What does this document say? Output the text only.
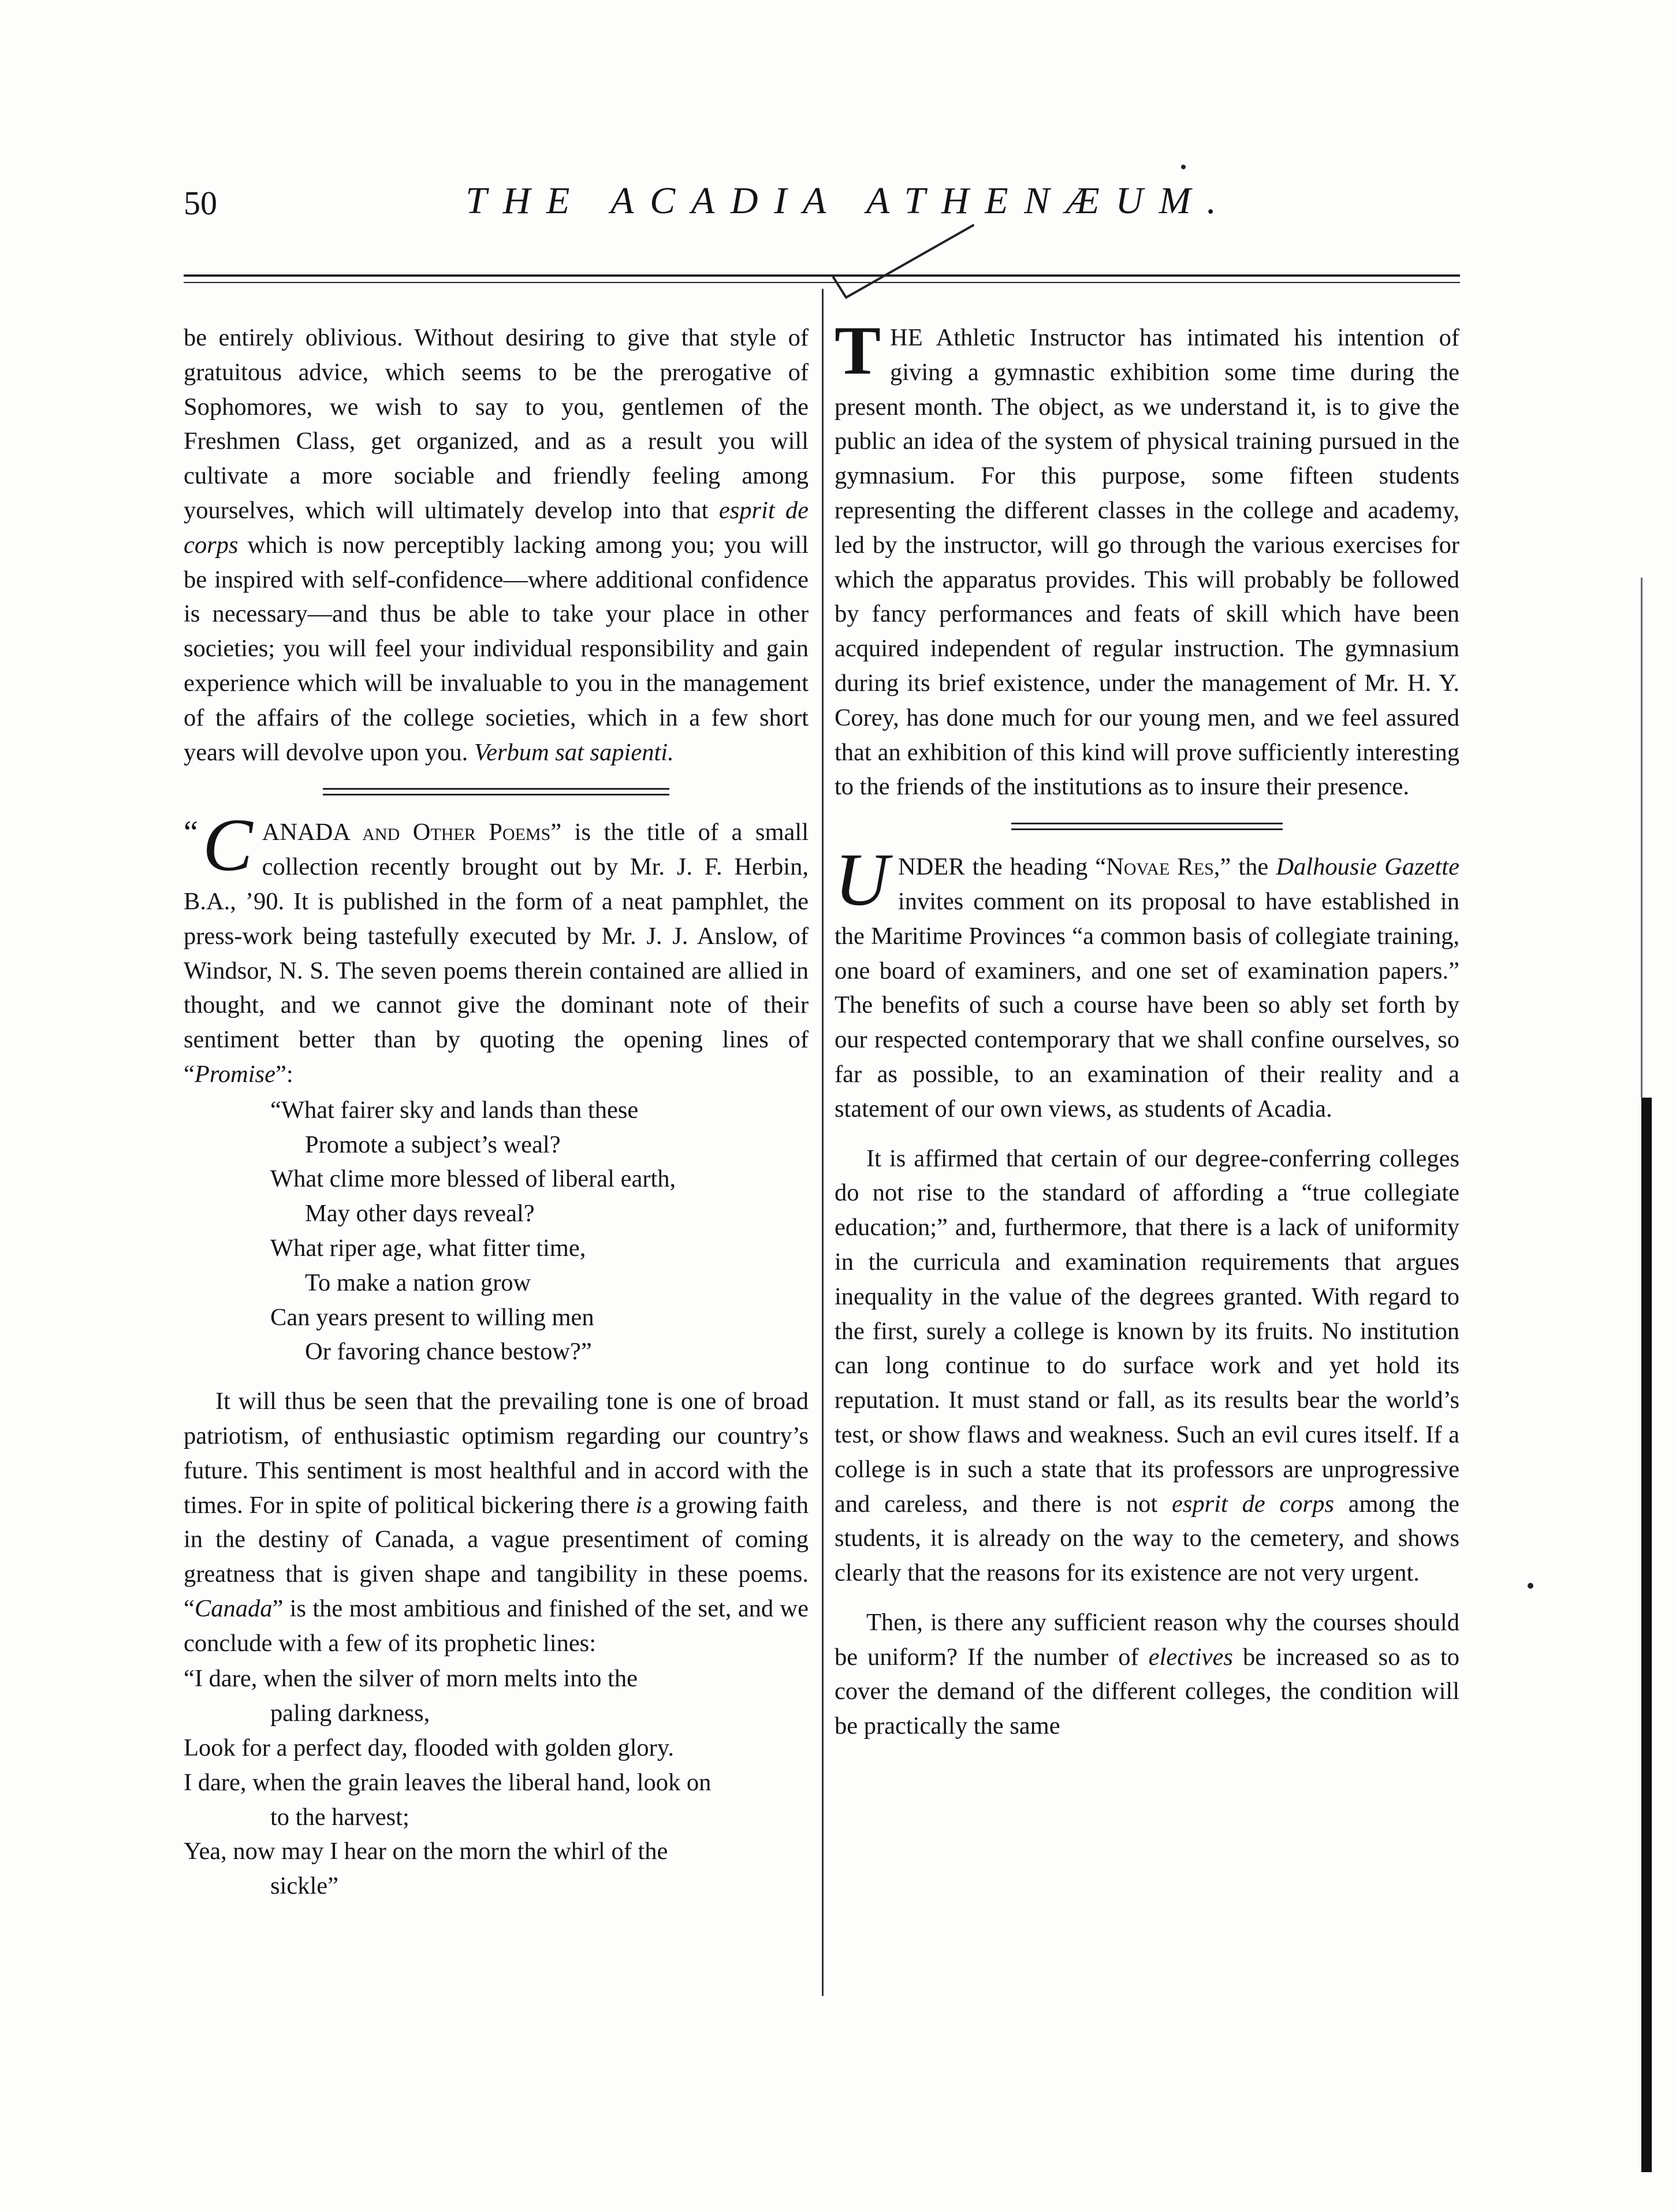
50	THE ACADIA ATHENÆUM.

be entirely oblivious. Without desiring to give that style of gratuitous advice, which seems to be the prerogative of Sophomores, we wish to say to you, gentlemen of the Freshmen Class, get organized, and as a result you will cultivate a more sociable and friendly feeling among yourselves, which will ultimately develop into that esprit de corps which is now perceptibly lacking among you; you will be inspired with self-confidence—where additional confidence is necessary—and thus be able to take your place in other societies; you will feel your individual responsibility and gain experience which will be invaluable to you in the management of the affairs of the college societies, which in a few short years will devolve upon you. Verbum sat sapienti.

“ C ANADA and Other Poems” is the title of a small collection recently brought out by Mr. J. F. Herbin, B.A., ’90. It is published in the form of a neat pamphlet, the press-work being tastefully executed by Mr. J. J. Anslow, of Windsor, N. S. The seven poems therein contained are allied in thought, and we cannot give the dominant note of their sentiment better than by quoting the opening lines of “Promise”:

“What fairer sky and lands than these
Promote a subject’s weal?
What clime more blessed of liberal earth,
May other days reveal?
What riper age, what fitter time,
To make a nation grow
Can years present to willing men
Or favoring chance bestow?”

It will thus be seen that the prevailing tone is one of broad patriotism, of enthusiastic optimism regarding our country’s future. This sentiment is most healthful and in accord with the times. For in spite of political bickering there is a growing faith in the destiny of Canada, a vague presentiment of coming greatness that is given shape and tangibility in these poems. “Canada” is the most ambitious and finished of the set, and we conclude with a few of its prophetic lines:

“I dare, when the silver of morn melts into the
paling darkness,
Look for a perfect day, flooded with golden glory.
I dare, when the grain leaves the liberal hand, look on
to the harvest;
Yea, now may I hear on the morn the whirl of the
sickle”

T HE Athletic Instructor has intimated his intention of giving a gymnastic exhibition some time during the present month. The object, as we understand it, is to give the public an idea of the system of physical training pursued in the gymnasium. For this purpose, some fifteen students representing the different classes in the college and academy, led by the instructor, will go through the various exercises for which the apparatus provides. This will probably be followed by fancy performances and feats of skill which have been acquired independent of regular instruction. The gymnasium during its brief existence, under the management of Mr. H. Y. Corey, has done much for our young men, and we feel assured that an exhibition of this kind will prove sufficiently interesting to the friends of the institutions as to insure their presence.

U NDER the heading “Novae Res,” the Dalhousie Gazette invites comment on its proposal to have established in the Maritime Provinces “a common basis of collegiate training, one board of examiners, and one set of examination papers.” The benefits of such a course have been so ably set forth by our respected contemporary that we shall confine ourselves, so far as possible, to an examination of their reality and a statement of our own views, as students of Acadia.

It is affirmed that certain of our degree-conferring colleges do not rise to the standard of affording a “true collegiate education;” and, furthermore, that there is a lack of uniformity in the curricula and examination requirements that argues inequality in the value of the degrees granted. With regard to the first, surely a college is known by its fruits. No institution can long continue to do surface work and yet hold its reputation. It must stand or fall, as its results bear the world’s test, or show flaws and weakness. Such an evil cures itself. If a college is in such a state that its professors are unprogressive and careless, and there is not esprit de corps among the students, it is already on the way to the cemetery, and shows clearly that the reasons for its existence are not very urgent.

Then, is there any sufficient reason why the courses should be uniform? If the number of electives be increased so as to cover the demand of the different colleges, the condition will be practically the same
